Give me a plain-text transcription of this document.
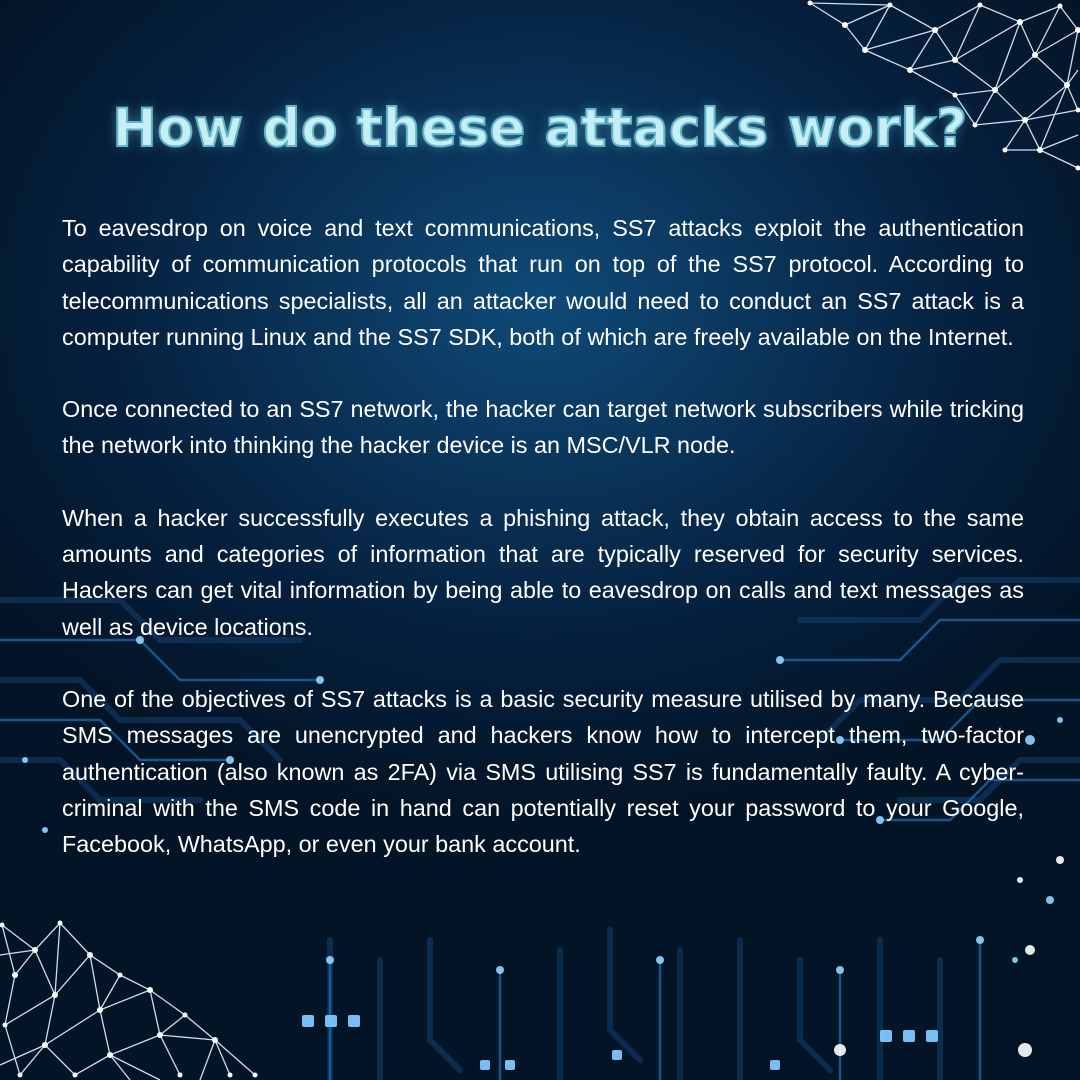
How do these attacks work?

To eavesdrop on voice and text communications, SS7 attacks exploit the authentication capability of communication protocols that run on top of the SS7 protocol. According to telecommunications specialists, all an attacker would need to conduct an SS7 attack is a computer running Linux and the SS7 SDK, both of which are freely available on the Internet.

Once connected to an SS7 network, the hacker can target network subscribers while tricking the network into thinking the hacker device is an MSC/VLR node.

When a hacker successfully executes a phishing attack, they obtain access to the same amounts and categories of information that are typically reserved for security services. Hackers can get vital information by being able to eavesdrop on calls and text messages as well as device locations.

One of the objectives of SS7 attacks is a basic security measure utilised by many. Because SMS messages are unencrypted and hackers know how to intercept them, two-factor authentication (also known as 2FA) via SMS utilising SS7 is fundamentally faulty. A cyber-criminal with the SMS code in hand can potentially reset your password to your Google, Facebook, WhatsApp, or even your bank account.
